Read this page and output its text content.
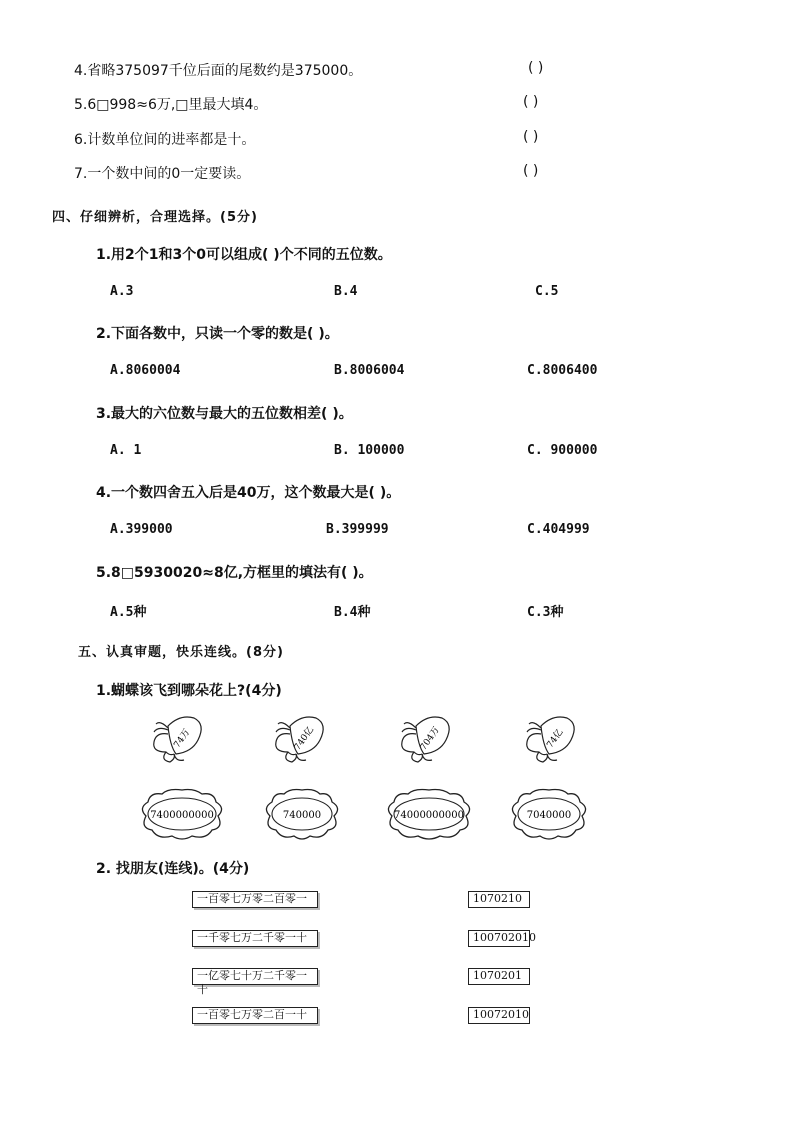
4.省略375097千位后面的尾数约是375000。	( )
5.6□998≈6万,□里最大填4。	( )
6.计数单位间的进率都是十。	( )
7.一个数中间的0一定要读。	( )
四、仔细辨析，合理选择。(5分)
1.用2个1和3个0可以组成( )个不同的五位数。
A.3	B.4	C.5
2.下面各数中，只读一个零的数是( )。
A.8060004	B.8006004	C.8006400
3.最大的六位数与最大的五位数相差( )。
A. 1	B. 100000	C. 900000
4.一个数四舍五入后是40万，这个数最大是( )。
A.399000	B.399999	C.404999
5.8□5930020≈8亿,方框里的填法有( )。
A.5种	B.4种	C.3种
五、认真审题，快乐连线。(8分)
1.蝴蝶该飞到哪朵花上?(4分)
74万	740亿	704万	74亿
7400000000	740000	74000000000	7040000
2. 找朋友(连线)。(4分)
一百零七万零二百零一
一千零七万二千零一十
一亿零七十万二千零一十
一百零七万零二百一十
1070210
100702010
1070201
10072010
